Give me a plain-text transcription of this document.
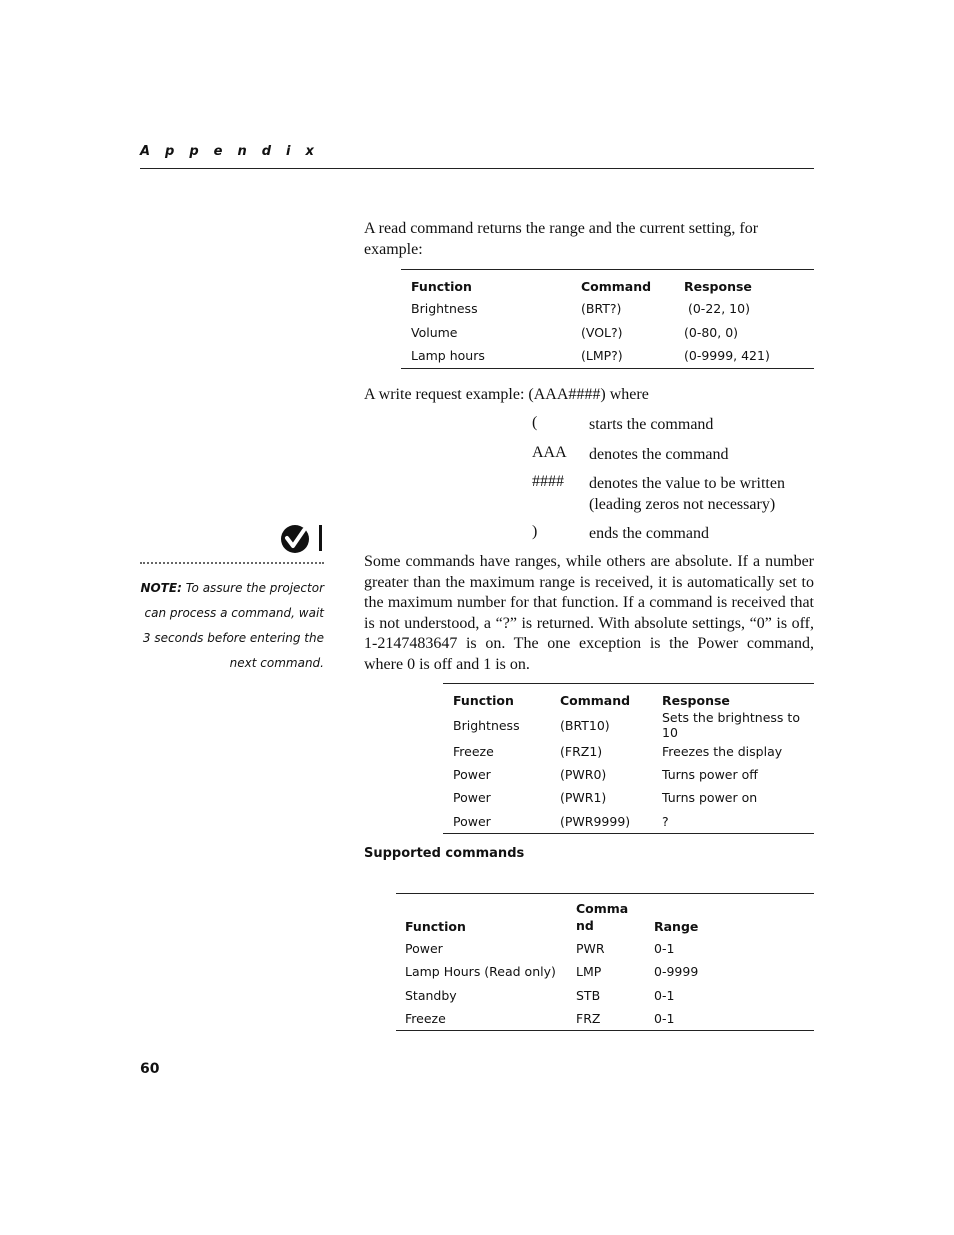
Appendix
A read command returns the range and the current setting, for example:
Function	Command	Response
Brightness	(BRT?)	(0-22, 10)
Volume	(VOL?)	(0-80, 0)
Lamp hours	(LMP?)	(0-9999, 421)
A write request example: (AAA####) where
(	starts the command
AAA denotes the command
#### denotes the value to be written (leading zeros not necessary)
)	ends the command
NOTE: To assure the projector can process a command, wait 3 seconds before entering the next command.
Some commands have ranges, while others are absolute. If a number greater than the maximum range is received, it is automatically set to the maximum number for that function. If a command is received that is not understood, a “?” is returned. With absolute settings, “0” is off, 1-2147483647 is on. The one exception is the Power command, where 0 is off and 1 is on.
Function	Command	Response
Brightness	(BRT10)	Sets the brightness to 10
Freeze	(FRZ1)	Freezes the display
Power	(PWR0)	Turns power off
Power	(PWR1)	Turns power on
Power	(PWR9999)	?
Supported commands
Function	Command	Range
Power	PWR	0-1
Lamp Hours (Read only)	LMP	0-9999
Standby	STB	0-1
Freeze	FRZ	0-1
60
